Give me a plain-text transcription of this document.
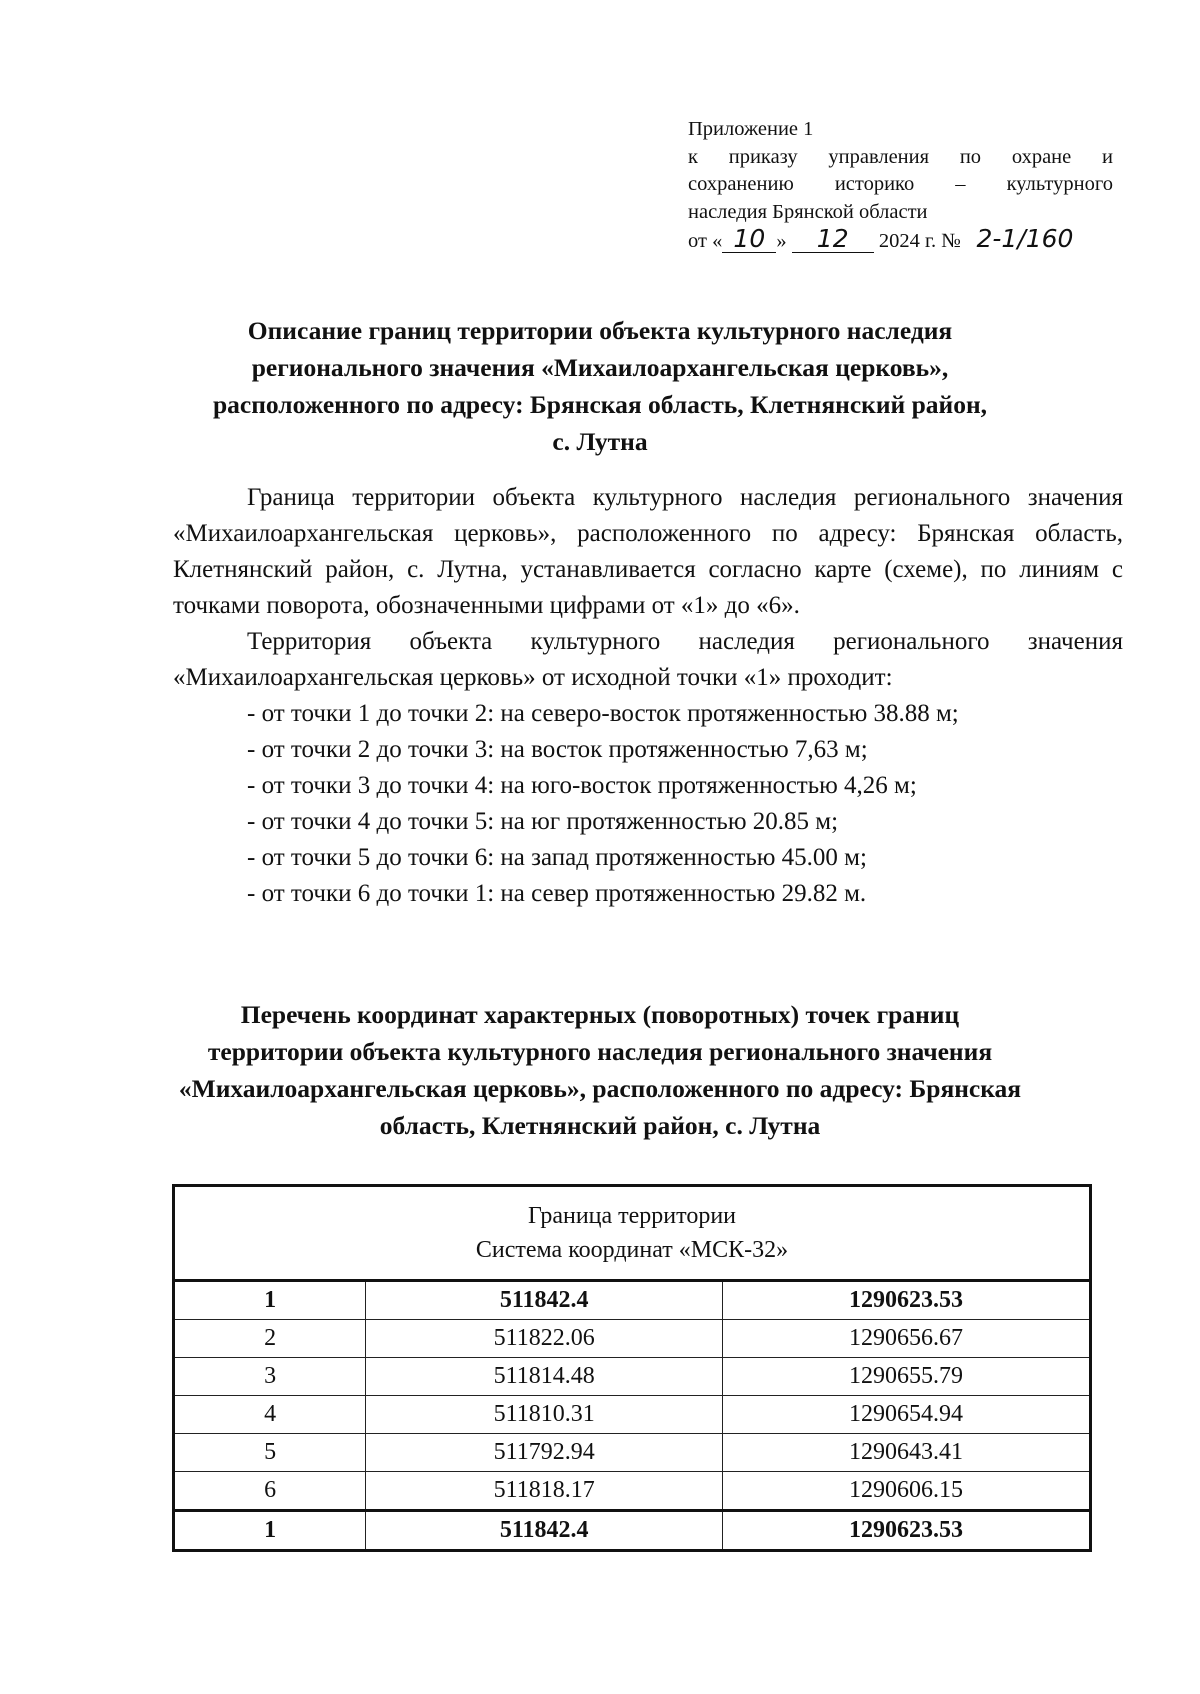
Приложение 1
к приказу управления по охране и
сохранению историко – культурного
наследия Брянской области
от « 10 » 12 2024 г. № 2-1/160
Описание границ территории объекта культурного наследия
регионального значения «Михаилоархангельская церковь»,
расположенного по адресу: Брянская область, Клетнянский район,
с. Лутна

Граница территории объекта культурного наследия регионального значения «Михаилоархангельская церковь», расположенного по адресу: Брянская область, Клетнянский район, с. Лутна, устанавливается согласно карте (схеме), по линиям с точками поворота, обозначенными цифрами от «1» до «6».

Территория объекта культурного наследия регионального значения «Михаилоархангельская церковь» от исходной точки «1» проходит:

- от точки 1 до точки 2: на северо-восток протяженностью 38.88 м;
- от точки 2 до точки 3: на восток протяженностью 7,63 м;
- от точки 3 до точки 4: на юго-восток протяженностью 4,26 м;
- от точки 4 до точки 5: на юг протяженностью 20.85 м;
- от точки 5 до точки 6: на запад протяженностью 45.00 м;
- от точки 6 до точки 1: на север протяженностью 29.82 м.
Перечень координат характерных (поворотных) точек границ
территории объекта культурного наследия регионального значения
«Михаилоархангельская церковь», расположенного по адресу: Брянская
область, Клетнянский район, с. Лутна
Граница территории
Система координат «МСК-32»		

1	511842.4	1290623.53
2	511822.06	1290656.67
3	511814.48	1290655.79
4	511810.31	1290654.94
5	511792.94	1290643.41
6	511818.17	1290606.15
1	511842.4	1290623.53
